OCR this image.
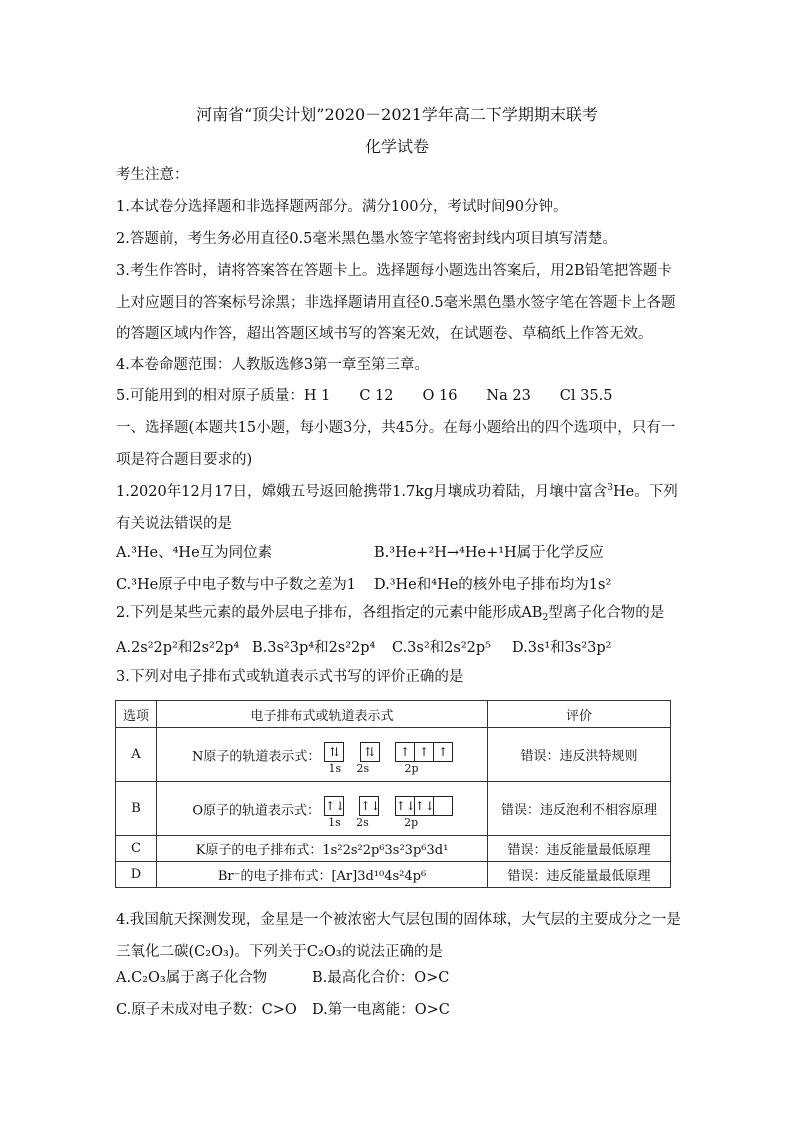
河南省“顶尖计划”2020－2021学年高二下学期期末联考
化学试卷
考生注意：
1.本试卷分选择题和非选择题两部分。满分100分，考试时间90分钟。
2.答题前，考生务必用直径0.5毫米黑色墨水签字笔将密封线内项目填写清楚。
3.考生作答时，请将答案答在答题卡上。选择题每小题选出答案后，用2B铅笔把答题卡上对应题目的答案标号涂黑；非选择题请用直径0.5毫米黑色墨水签字笔在答题卡上各题的答题区域内作答，超出答题区域书写的答案无效，在试题卷、草稿纸上作答无效。
4.本卷命题范围：人教版选修3第一章至第三章。
5.可能用到的相对原子质量：H 1　　C 12　　O 16　　Na 23　　Cl 35.5
一、选择题(本题共15小题，每小题3分，共45分。在每小题给出的四个选项中，只有一项是符合题目要求的)
1.2020年12月17日，嫦娥五号返回舱携带1.7kg月壤成功着陆，月壤中富含$^3$He。下列有关说法错误的是
A.³He、⁴He互为同位素	B.³He+²H→⁴He+¹H属于化学反应
C.³He原子中电子数与中子数之差为1 D.³He和⁴He的核外电子排布均为1s²
2.下列是某些元素的最外层电子排布，各组指定的元素中能形成$AB_2$型离子化合物的是
A.2s²2p²和2s²2p⁴ B.3s²3p⁴和2s²2p⁴ C.3s²和2s²2p⁵ D.3s¹和3s²3p²
3.下列对电子排布式或轨道表示式书写的评价正确的是
选项	电子排布式或轨道表示式	评价
A	N原子的轨道表示式： ⇅ ⇅ ↑ ↑ ↑
1s 2s 2p	错误：违反洪特规则
B	O原子的轨道表示式： ↑↓ ↑↓ ↑↓↑↓
1s 2s 2p	错误：违反泡利不相容原理
C	K原子的电子排布式：1s²2s²2p⁶3s²3p⁶3d¹	错误：违反能量最低原理
D	Br⁻的电子排布式：[Ar]3d¹⁰4s²4p⁶	错误：违反能量最低原理
4.我国航天探测发现，金星是一个被浓密大气层包围的固体球，大气层的主要成分之一是三氧化二碳(C₂O₃)。下列关于C₂O₃的说法正确的是
A.C₂O₃属于离子化合物	B.最高化合价：O>C
C.原子未成对电子数：C>O D.第一电离能：O>C
